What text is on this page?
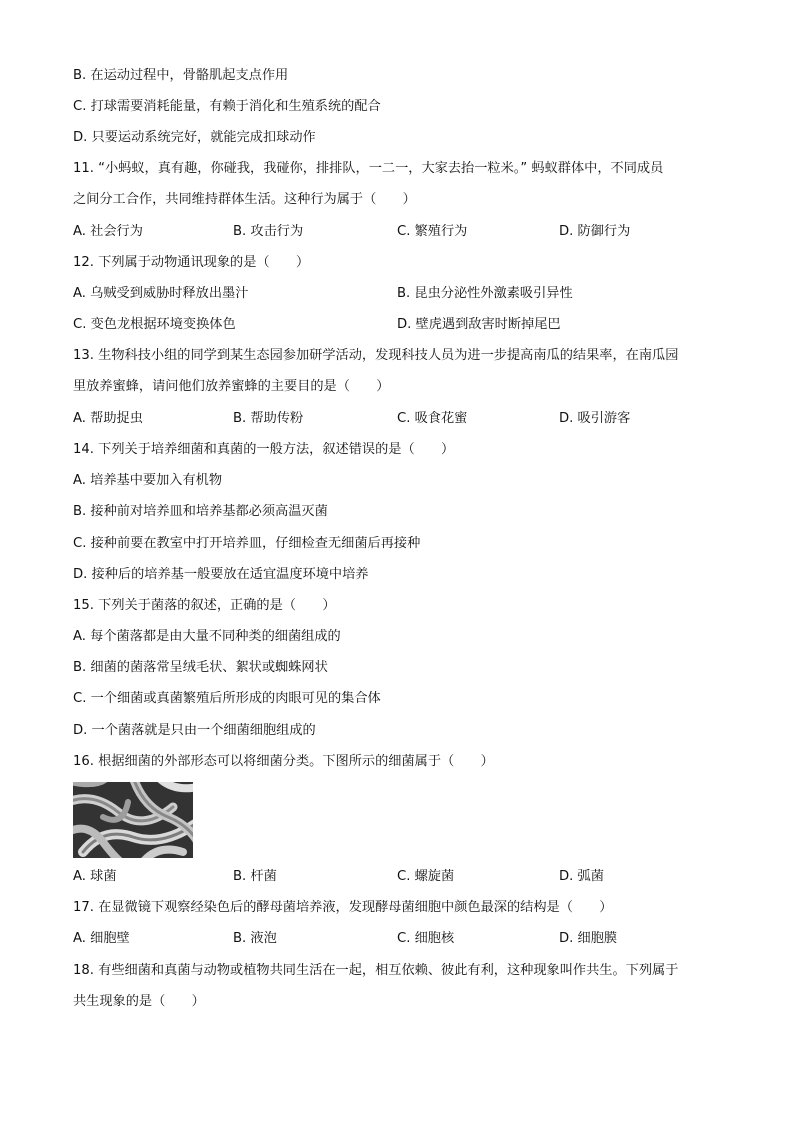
B. 在运动过程中，骨骼肌起支点作用
C. 打球需要消耗能量，有赖于消化和生殖系统的配合
D. 只要运动系统完好，就能完成扣球动作
11. “小蚂蚁，真有趣，你碰我，我碰你，排排队，一二一，大家去抬一粒米。” 蚂蚁群体中，不同成员
之间分工合作，共同维持群体生活。这种行为属于（　　）
A. 社会行为	B. 攻击行为	C. 繁殖行为	D. 防御行为
12. 下列属于动物通讯现象的是（　　）
A. 乌贼受到威胁时释放出墨汁	B. 昆虫分泌性外激素吸引异性
C. 变色龙根据环境变换体色	D. 壁虎遇到敌害时断掉尾巴
13. 生物科技小组的同学到某生态园参加研学活动，发现科技人员为进一步提高南瓜的结果率，在南瓜园
里放养蜜蜂，请问他们放养蜜蜂的主要目的是（　　）
A. 帮助捉虫	B. 帮助传粉	C. 吸食花蜜	D. 吸引游客
14. 下列关于培养细菌和真菌的一般方法，叙述错误的是（　　）
A. 培养基中要加入有机物
B. 接种前对培养皿和培养基都必须高温灭菌
C. 接种前要在教室中打开培养皿，仔细检查无细菌后再接种
D. 接种后的培养基一般要放在适宜温度环境中培养
15. 下列关于菌落的叙述，正确的是（　　）
A. 每个菌落都是由大量不同种类的细菌组成的
B. 细菌的菌落常呈绒毛状、絮状或蜘蛛网状
C. 一个细菌或真菌繁殖后所形成的肉眼可见的集合体
D. 一个菌落就是只由一个细菌细胞组成的
16. 根据细菌的外部形态可以将细菌分类。下图所示的细菌属于（　　）
A. 球菌	B. 杆菌	C. 螺旋菌	D. 弧菌
17. 在显微镜下观察经染色后的酵母菌培养液，发现酵母菌细胞中颜色最深的结构是（　　）
A. 细胞壁	B. 液泡	C. 细胞核	D. 细胞膜
18. 有些细菌和真菌与动物或植物共同生活在一起，相互依赖、彼此有利，这种现象叫作共生。下列属于
共生现象的是（　　）
